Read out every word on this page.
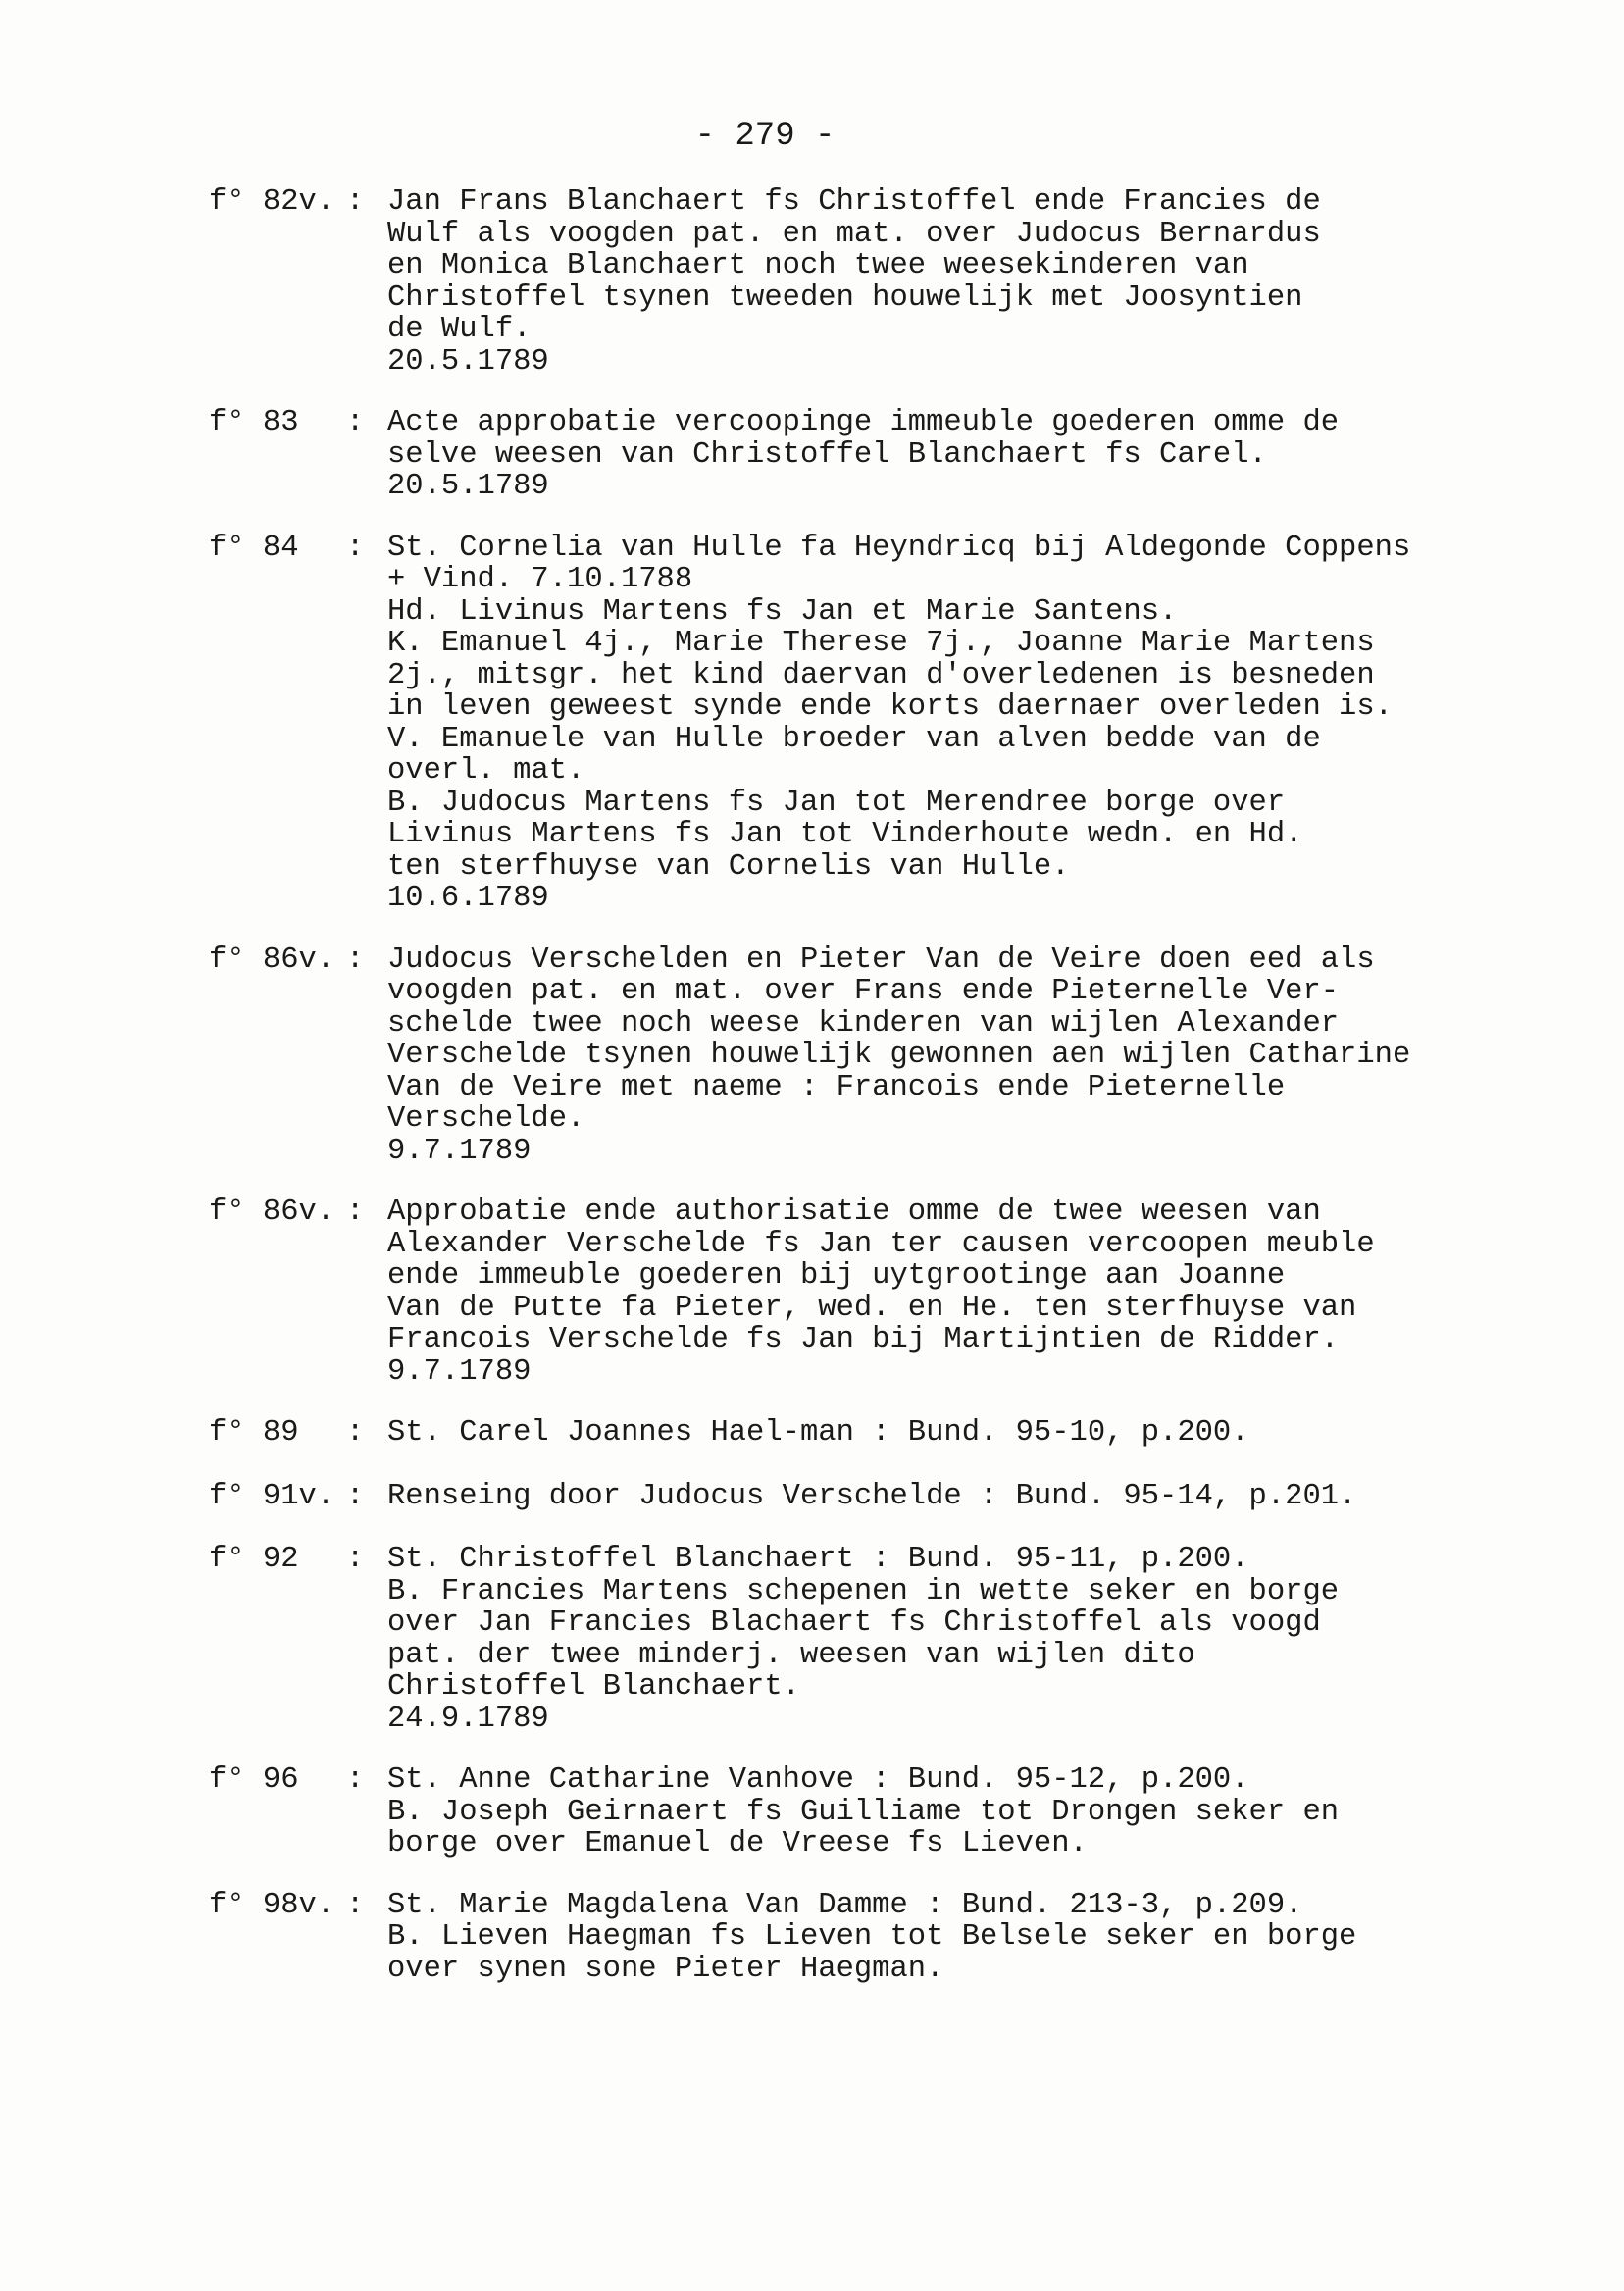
- 279 -
f° 82v. : Jan Frans Blanchaert fs Christoffel ende Francies de
Wulf als voogden pat. en mat. over Judocus Bernardus
en Monica Blanchaert noch twee weesekinderen van
Christoffel tsynen tweeden houwelijk met Joosyntien
de Wulf.
20.5.1789
f° 83	: Acte approbatie vercoopinge immeuble goederen omme de
selve weesen van Christoffel Blanchaert fs Carel.
20.5.1789
f° 84	: St. Cornelia van Hulle fa Heyndricq bij Aldegonde Coppens
+ Vind. 7.10.1788
Hd. Livinus Martens fs Jan et Marie Santens.
K. Emanuel 4j., Marie Therese 7j., Joanne Marie Martens
2j., mitsgr. het kind daervan d'overledenen is besneden
in leven geweest synde ende korts daernaer overleden is.
V. Emanuele van Hulle broeder van alven bedde van de
overl. mat.
B. Judocus Martens fs Jan tot Merendree borge over
Livinus Martens fs Jan tot Vinderhoute wedn. en Hd.
ten sterfhuyse van Cornelis van Hulle.
10.6.1789
f° 86v. : Judocus Verschelden en Pieter Van de Veire doen eed als
voogden pat. en mat. over Frans ende Pieternelle Ver-
schelde twee noch weese kinderen van wijlen Alexander
Verschelde tsynen houwelijk gewonnen aen wijlen Catharine
Van de Veire met naeme : Francois ende Pieternelle
Verschelde.
9.7.1789
f° 86v. : Approbatie ende authorisatie omme de twee weesen van
Alexander Verschelde fs Jan ter causen vercoopen meuble
ende immeuble goederen bij uytgrootinge aan Joanne
Van de Putte fa Pieter, wed. en He. ten sterfhuyse van
Francois Verschelde fs Jan bij Martijntien de Ridder.
9.7.1789
f° 89	: St. Carel Joannes Hael-man : Bund. 95-10, p.200.
f° 91v. : Renseing door Judocus Verschelde : Bund. 95-14, p.201.
f° 92	: St. Christoffel Blanchaert : Bund. 95-11, p.200.
B. Francies Martens schepenen in wette seker en borge
over Jan Francies Blachaert fs Christoffel als voogd
pat. der twee minderj. weesen van wijlen dito
Christoffel Blanchaert.
24.9.1789
f° 96	: St. Anne Catharine Vanhove : Bund. 95-12, p.200.
B. Joseph Geirnaert fs Guilliame tot Drongen seker en
borge over Emanuel de Vreese fs Lieven.
f° 98v. : St. Marie Magdalena Van Damme : Bund. 213-3, p.209.
B. Lieven Haegman fs Lieven tot Belsele seker en borge
over synen sone Pieter Haegman.
